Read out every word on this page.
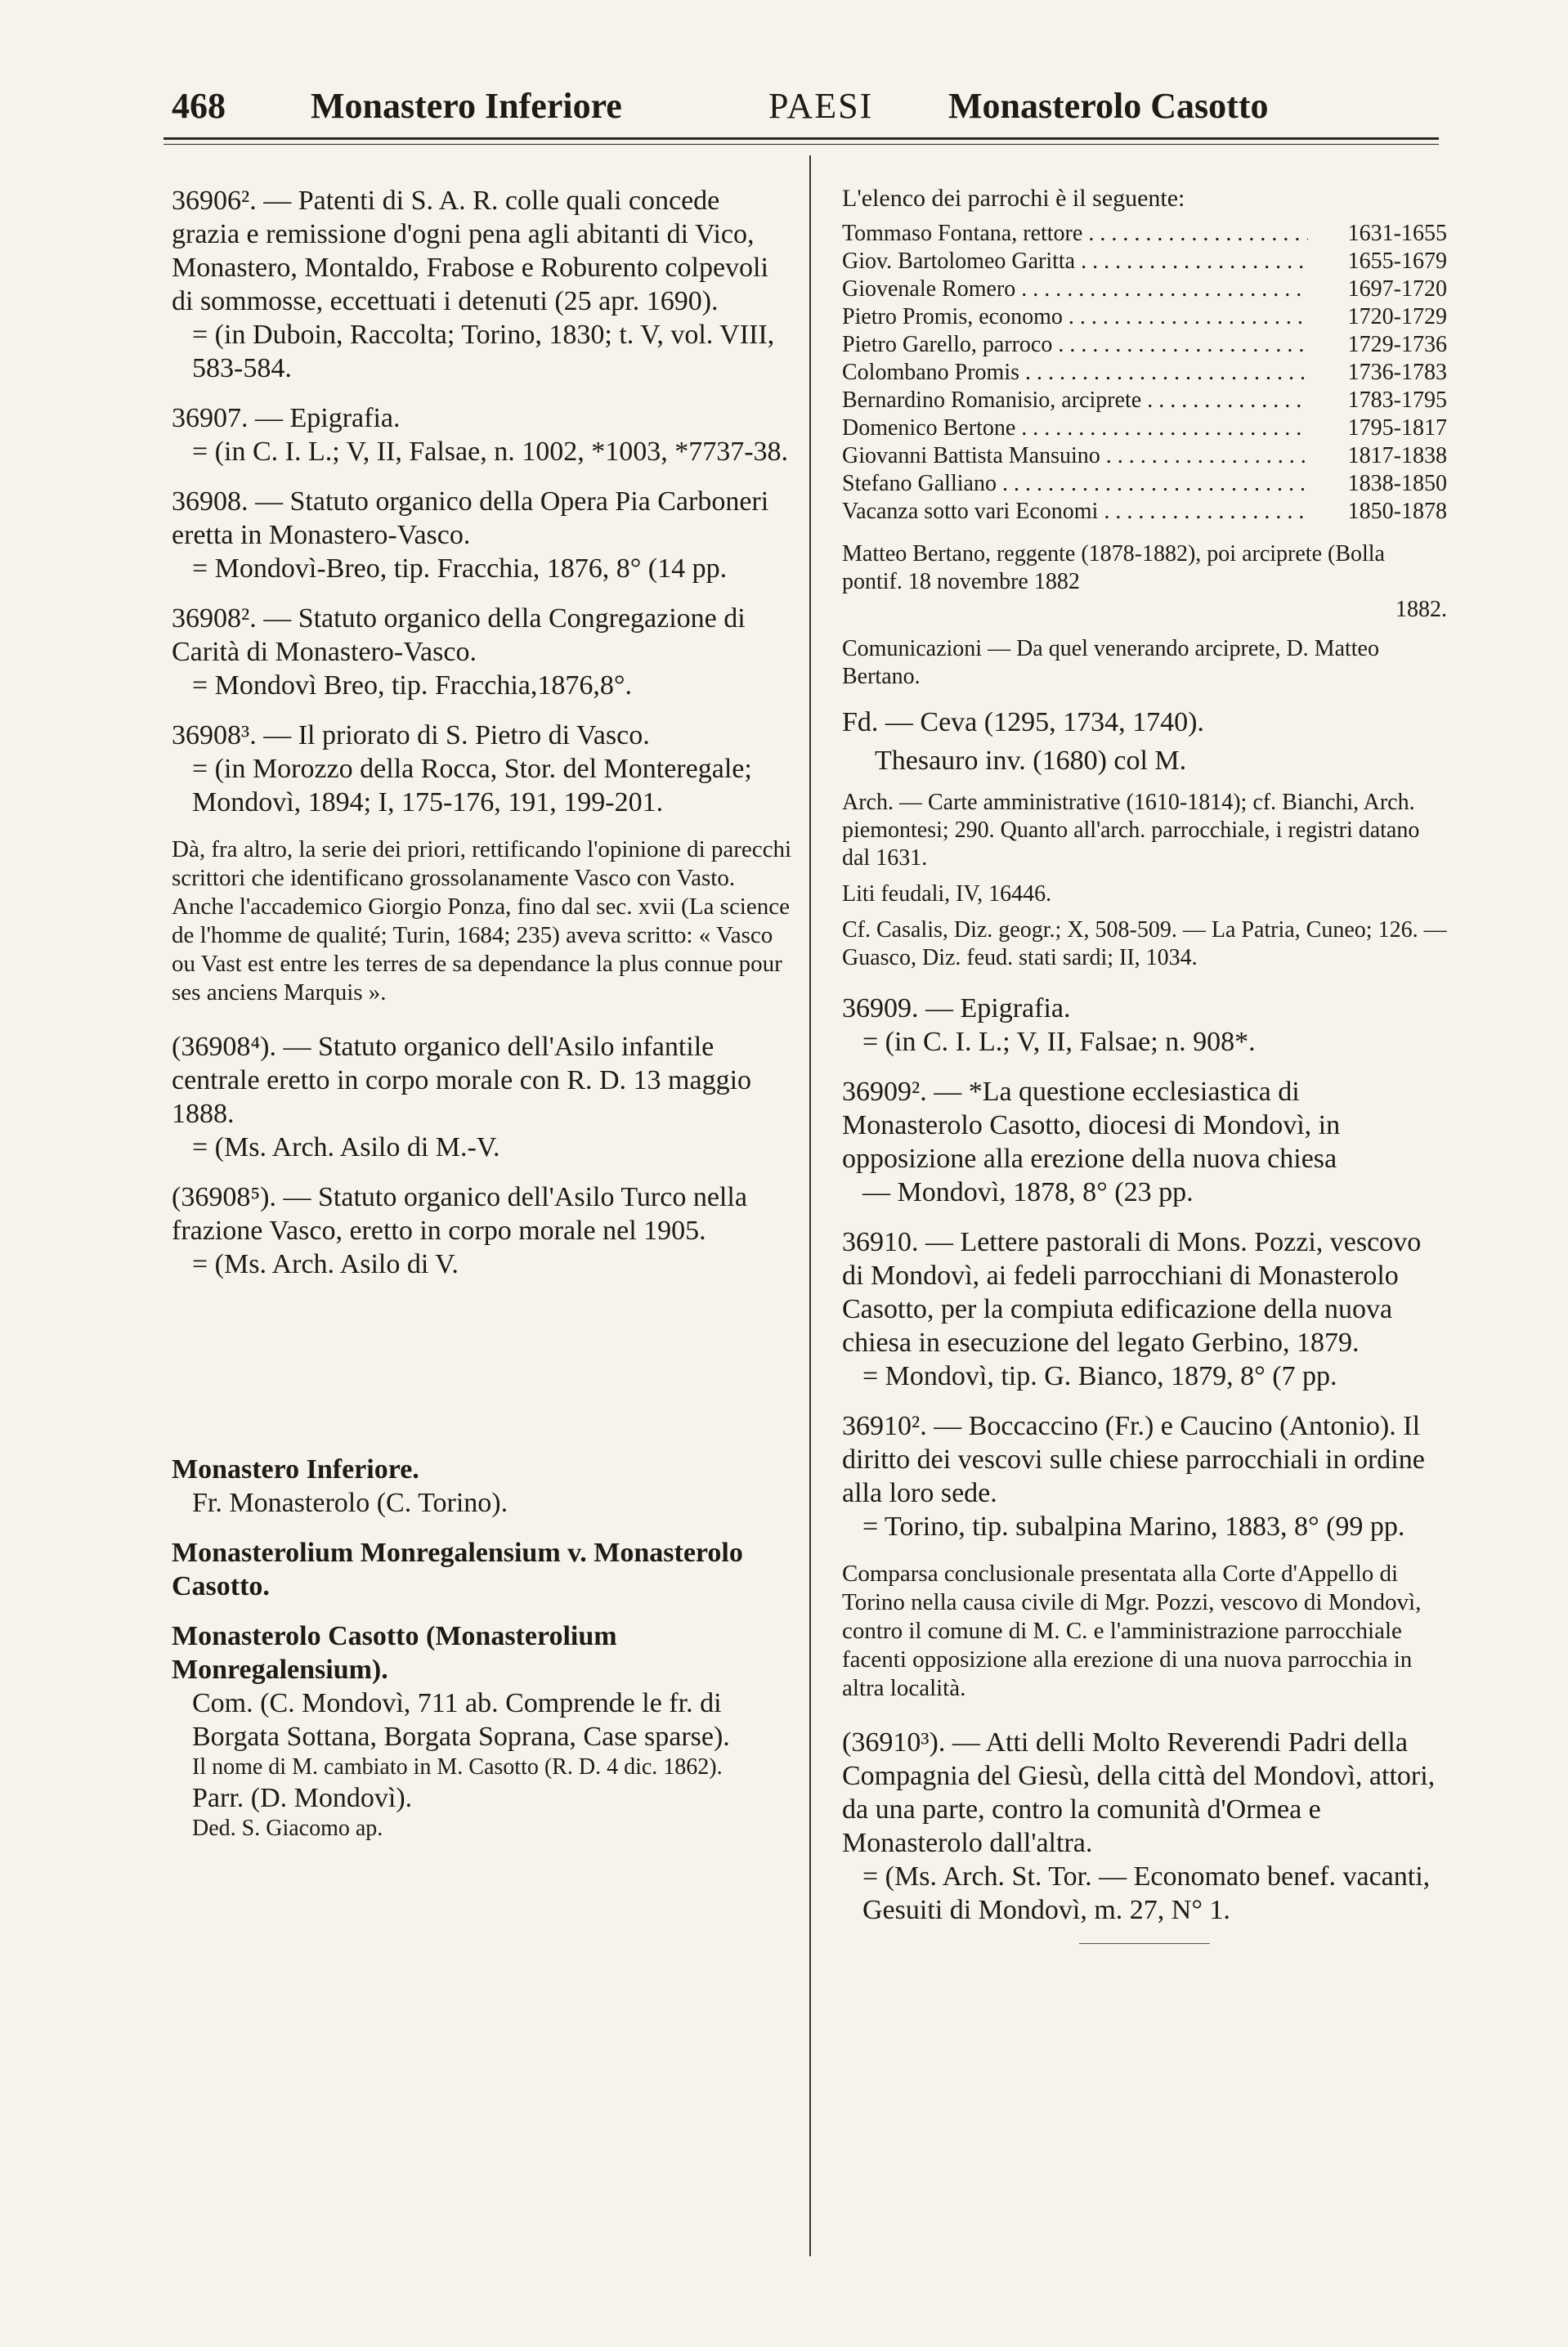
468 Monastero Inferiore	PAESI Monasterolo Casotto
36906². — Patenti di S. A. R. colle quali concede grazia e remissione d'ogni pena agli abitanti di Vico, Monastero, Montaldo, Frabose e Roburento colpevoli di sommosse, eccettuati i detenuti (25 apr. 1690).
= (in Duboin, Raccolta; Torino, 1830; t. V, vol. VIII, 583-584.
36907. — Epigrafia.
= (in C. I. L.; V, II, Falsae, n. 1002, *1003, *7737-38.
36908. — Statuto organico della Opera Pia Carboneri eretta in Monastero-Vasco.
= Mondovì-Breo, tip. Fracchia, 1876, 8° (14 pp.
36908². — Statuto organico della Congregazione di Carità di Monastero-Vasco.
= Mondovì Breo, tip. Fracchia,1876,8°.
36908³. — Il priorato di S. Pietro di Vasco.
= (in Morozzo della Rocca, Stor. del Monteregale; Mondovì, 1894; I, 175-176, 191, 199-201.
Dà, fra altro, la serie dei priori, rettificando l'opinione di parecchi scrittori che identificano grossolanamente Vasco con Vasto. Anche l'accademico Giorgio Ponza, fino dal sec. xvii (La science de l'homme de qualité; Turin, 1684; 235) aveva scritto: « Vasco ou Vast est entre les terres de sa dependance la plus connue pour ses anciens Marquis ».
(36908⁴). — Statuto organico dell'Asilo infantile centrale eretto in corpo morale con R. D. 13 maggio 1888.
= (Ms. Arch. Asilo di M.-V.
(36908⁵). — Statuto organico dell'Asilo Turco nella frazione Vasco, eretto in corpo morale nel 1905.
= (Ms. Arch. Asilo di V.
Monastero Inferiore.
Fr. Monasterolo (C. Torino).
Monasterolium Monregalensium v. Monasterolo Casotto.
Monasterolo Casotto (Monasterolium Monregalensium).
Com. (C. Mondovì, 711 ab. Comprende le fr. di Borgata Sottana, Borgata Soprana, Case sparse).
Il nome di M. cambiato in M. Casotto (R. D. 4 dic. 1862).
Parr. (D. Mondovì).
Ded. S. Giacomo ap.
L'elenco dei parrochi è il seguente:
Tommaso Fontana, rettore . . .	1631-1655
Giov. Bartolomeo Garitta . . .	1655-1679
Giovenale Romero . . .	1697-1720
Pietro Promis, economo . . .	1720-1729
Pietro Garello, parroco . . .	1729-1736
Colombano Promis . . .	1736-1783
Bernardino Romanisio, arciprete . . .	1783-1795
Domenico Bertone . . .	1795-1817
Giovanni Battista Mansuino . . .	1817-1838
Stefano Galliano . . .	1838-1850
Vacanza sotto vari Economi . . .	1850-1878
Matteo Bertano, reggente (1878-1882), poi arciprete (Bolla pontif. 18 novembre 1882
1882.
Comunicazioni — Da quel venerando arciprete, D. Matteo Bertano.
Fd. — Ceva (1295, 1734, 1740).
Thesauro inv. (1680) col M.
Arch. — Carte amministrative (1610-1814); cf. Bianchi, Arch. piemontesi; 290. Quanto all'arch. parrocchiale, i registri datano dal 1631.
Liti feudali, IV, 16446.
Cf. Casalis, Diz. geogr.; X, 508-509. — La Patria, Cuneo; 126. — Guasco, Diz. feud. stati sardi; II, 1034.
36909. — Epigrafia.
= (in C. I. L.; V, II, Falsae; n. 908*.
36909². — *La questione ecclesiastica di Monasterolo Casotto, diocesi di Mondovì, in opposizione alla erezione della nuova chiesa
— Mondovì, 1878, 8° (23 pp.
36910. — Lettere pastorali di Mons. Pozzi, vescovo di Mondovì, ai fedeli parrocchiani di Monasterolo Casotto, per la compiuta edificazione della nuova chiesa in esecuzione del legato Gerbino, 1879.
= Mondovì, tip. G. Bianco, 1879, 8° (7 pp.
36910². — Boccaccino (Fr.) e Caucino (Antonio). Il diritto dei vescovi sulle chiese parrocchiali in ordine alla loro sede.
= Torino, tip. subalpina Marino, 1883, 8° (99 pp.
Comparsa conclusionale presentata alla Corte d'Appello di Torino nella causa civile di Mgr. Pozzi, vescovo di Mondovì, contro il comune di M. C. e l'amministrazione parrocchiale facenti opposizione alla erezione di una nuova parrocchia in altra località.
(36910³). — Atti delli Molto Reverendi Padri della Compagnia del Giesù, della città del Mondovì, attori, da una parte, contro la comunità d'Ormea e Monasterolo dall'altra.
= (Ms. Arch. St. Tor. — Economato benef. vacanti, Gesuiti di Mondovì, m. 27, N° 1.
